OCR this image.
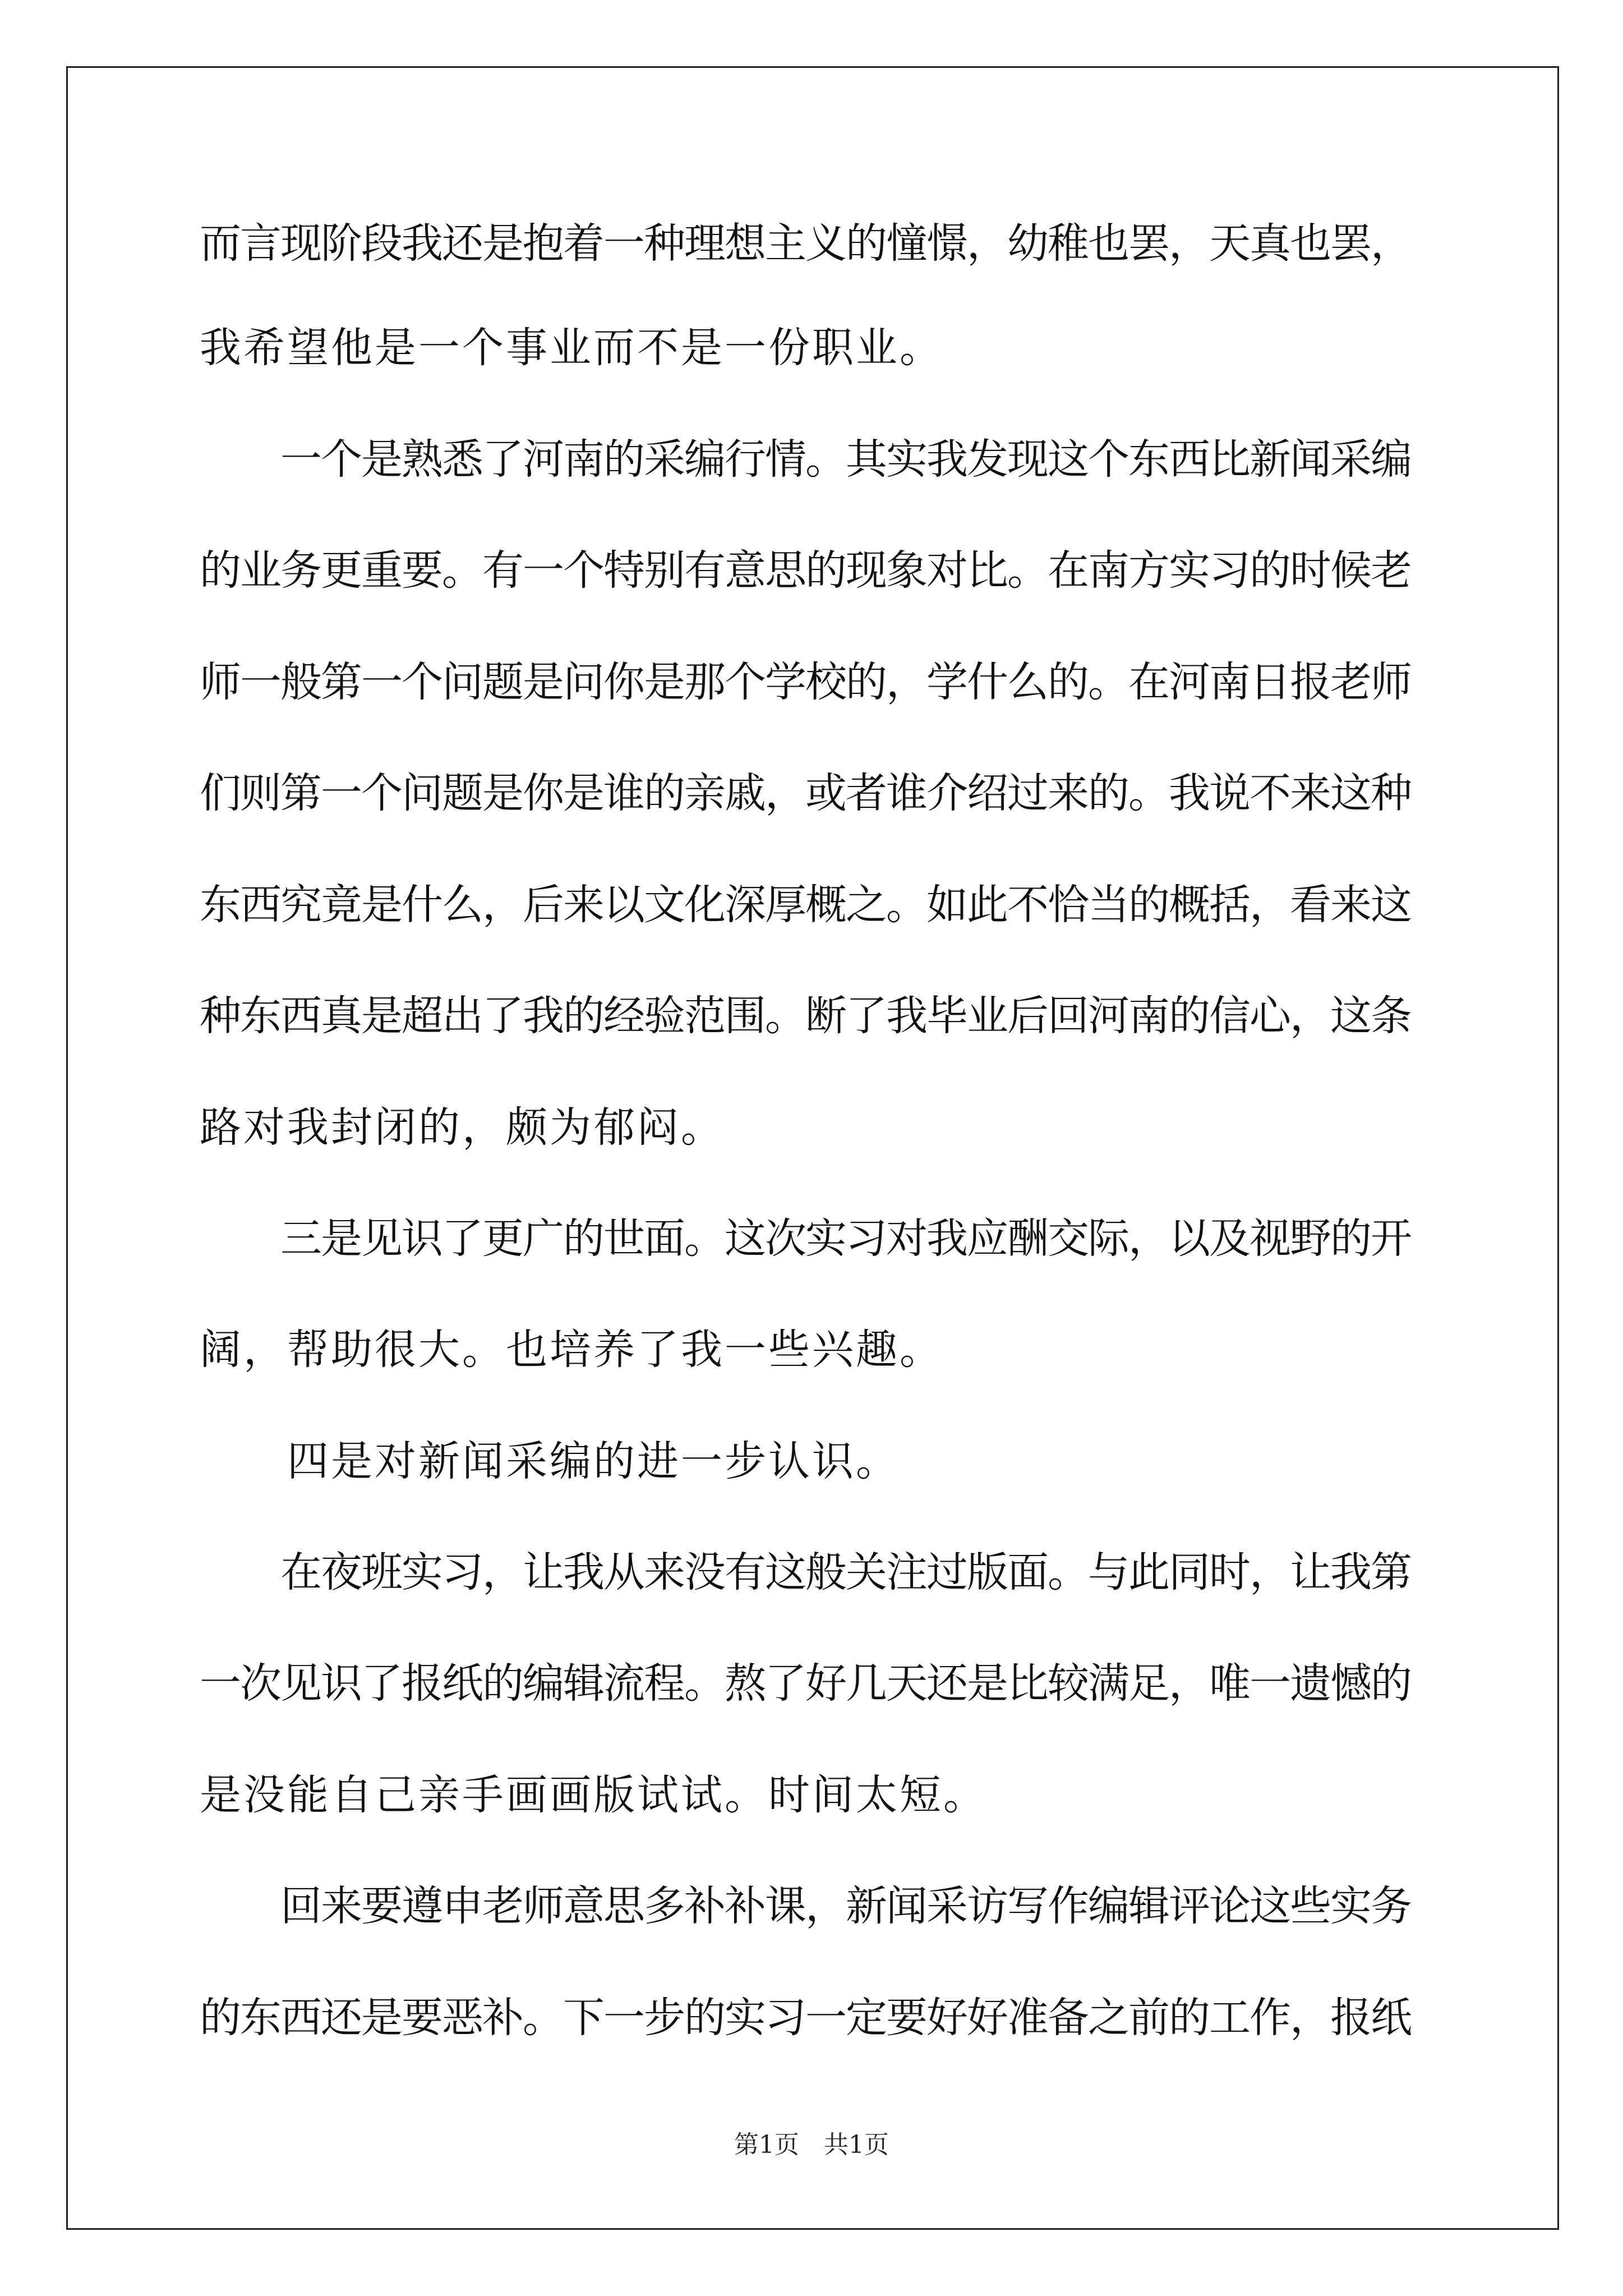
而言现阶段我还是抱着一种理想主义的憧憬，幼稚也罢，天真也罢，
我希望他是一个事业而不是一份职业。
　　一个是熟悉了河南的采编行情。其实我发现这个东西比新闻采编
的业务更重要。有一个特别有意思的现象对比。在南方实习的时候老
师一般第一个问题是问你是那个学校的，学什么的。在河南日报老师
们则第一个问题是你是谁的亲戚，或者谁介绍过来的。我说不来这种
东西究竟是什么，后来以文化深厚概之。如此不恰当的概括，看来这
种东西真是超出了我的经验范围。断了我毕业后回河南的信心，这条
路对我封闭的，颇为郁闷。
　　三是见识了更广的世面。这次实习对我应酬交际，以及视野的开
阔，帮助很大。也培养了我一些兴趣。
　　四是对新闻采编的进一步认识。
　　在夜班实习，让我从来没有这般关注过版面。与此同时，让我第
一次见识了报纸的编辑流程。熬了好几天还是比较满足，唯一遗憾的
是没能自己亲手画画版试试。时间太短。
　　回来要遵申老师意思多补补课，新闻采访写作编辑评论这些实务
的东西还是要恶补。下一步的实习一定要好好准备之前的工作，报纸
第1页　共1页
